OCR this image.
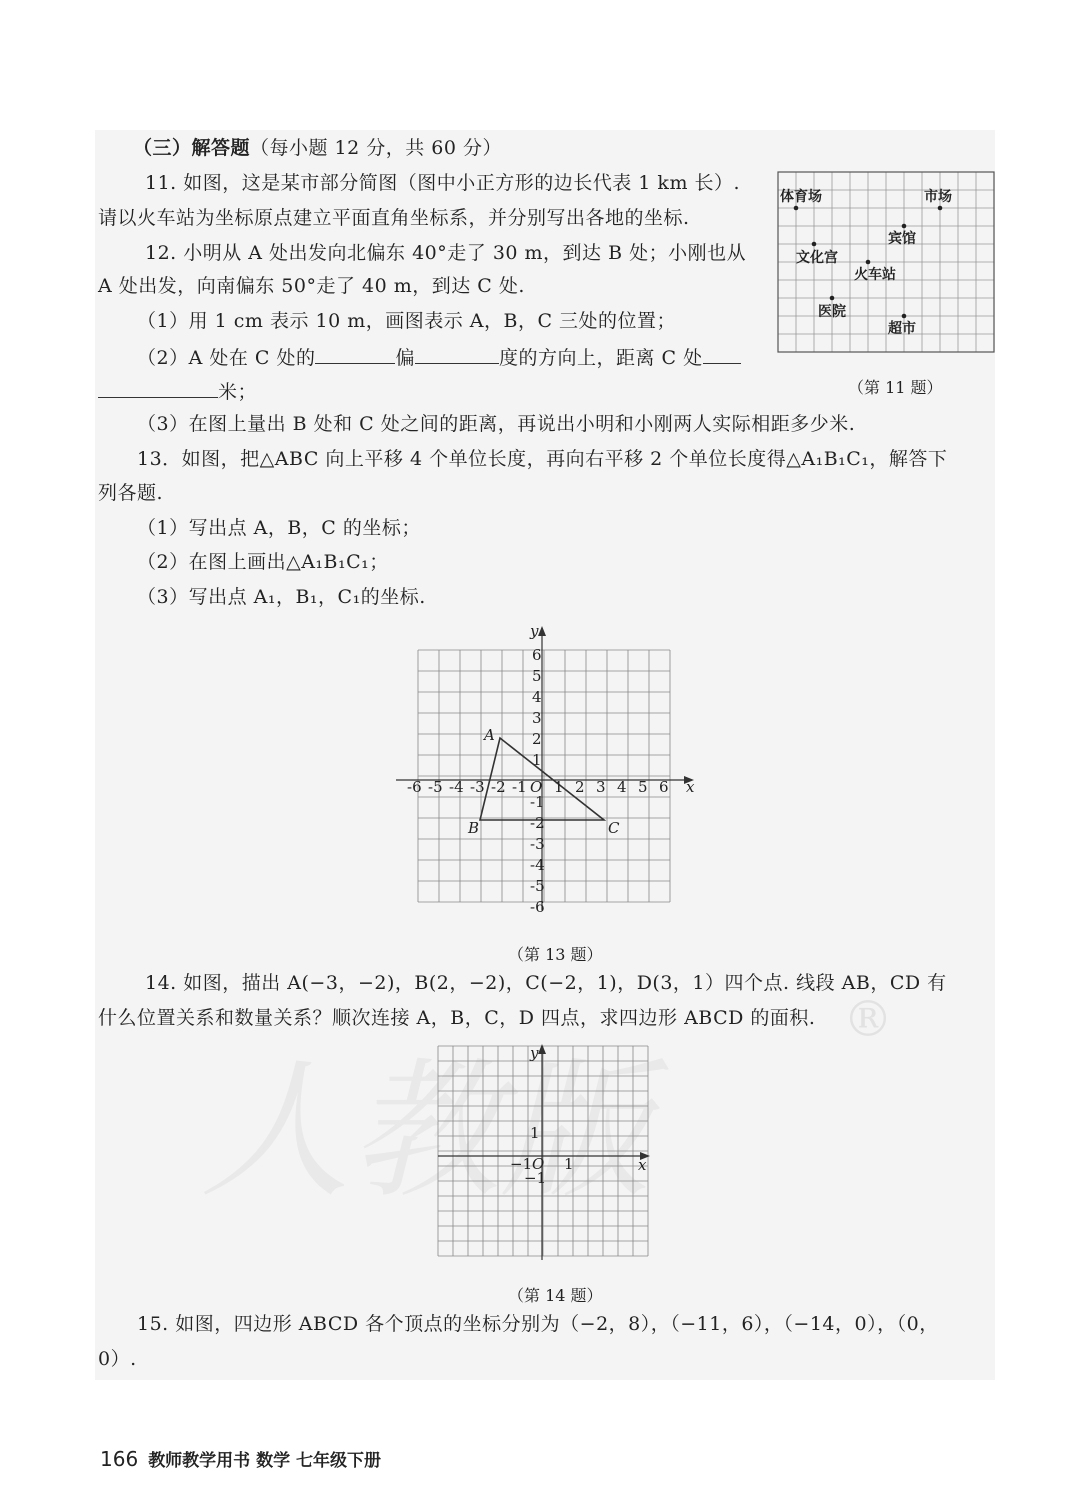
®
（三）解答题（每小题 12 分，共 60 分）
11. 如图，这是某市部分简图（图中小正方形的边长代表 1 km 长）.
请以火车站为坐标原点建立平面直角坐标系，并分别写出各地的坐标.
体育场	市场
宾馆
文化宫
火车站
医院
超市
（第 11 题）
12. 小明从 A 处出发向北偏东 40°走了 30 m，到达 B 处；小刚也从
A 处出发，向南偏东 50°走了 40 m，到达 C 处.
（1）用 1 cm 表示 10 m，画图表示 A，B，C 三处的位置；
（2）A 处在 C 处的	偏	度的方向上，距离 C 处
米；
（3）在图上量出 B 处和 C 处之间的距离，再说出小明和小刚两人实际相距多少米.
13．如图，把△ABC 向上平移 4 个单位长度，再向右平移 2 个单位长度得△A₁B₁C₁，解答下
列各题.
（1）写出点 A，B，C 的坐标；
（2）在图上画出△A₁B₁C₁；
（3）写出点 A₁，B₁，C₁的坐标.
-6 -5 -4 -3 -2 -1 1 2 3 4 5 6
6
5
4
3
2
1
-1
-2
-3
-4
-5
-6
x
y
O
A
B	C
（第 13 题）
14. 如图，描出 A(−3，−2)，B(2，−2)，C(−2，1)，D(3，1）四个点. 线段 AB，CD 有
什么位置关系和数量关系？顺次连接 A，B，C，D 四点，求四边形 ABCD 的面积.
x
y
O
1
−1
−1 1
（第 14 题）
15. 如图，四边形 ABCD 各个顶点的坐标分别为（−2，8），（−11，6），（−14，0），（0，
0）.
166 教师教学用书 数学 七年级下册
